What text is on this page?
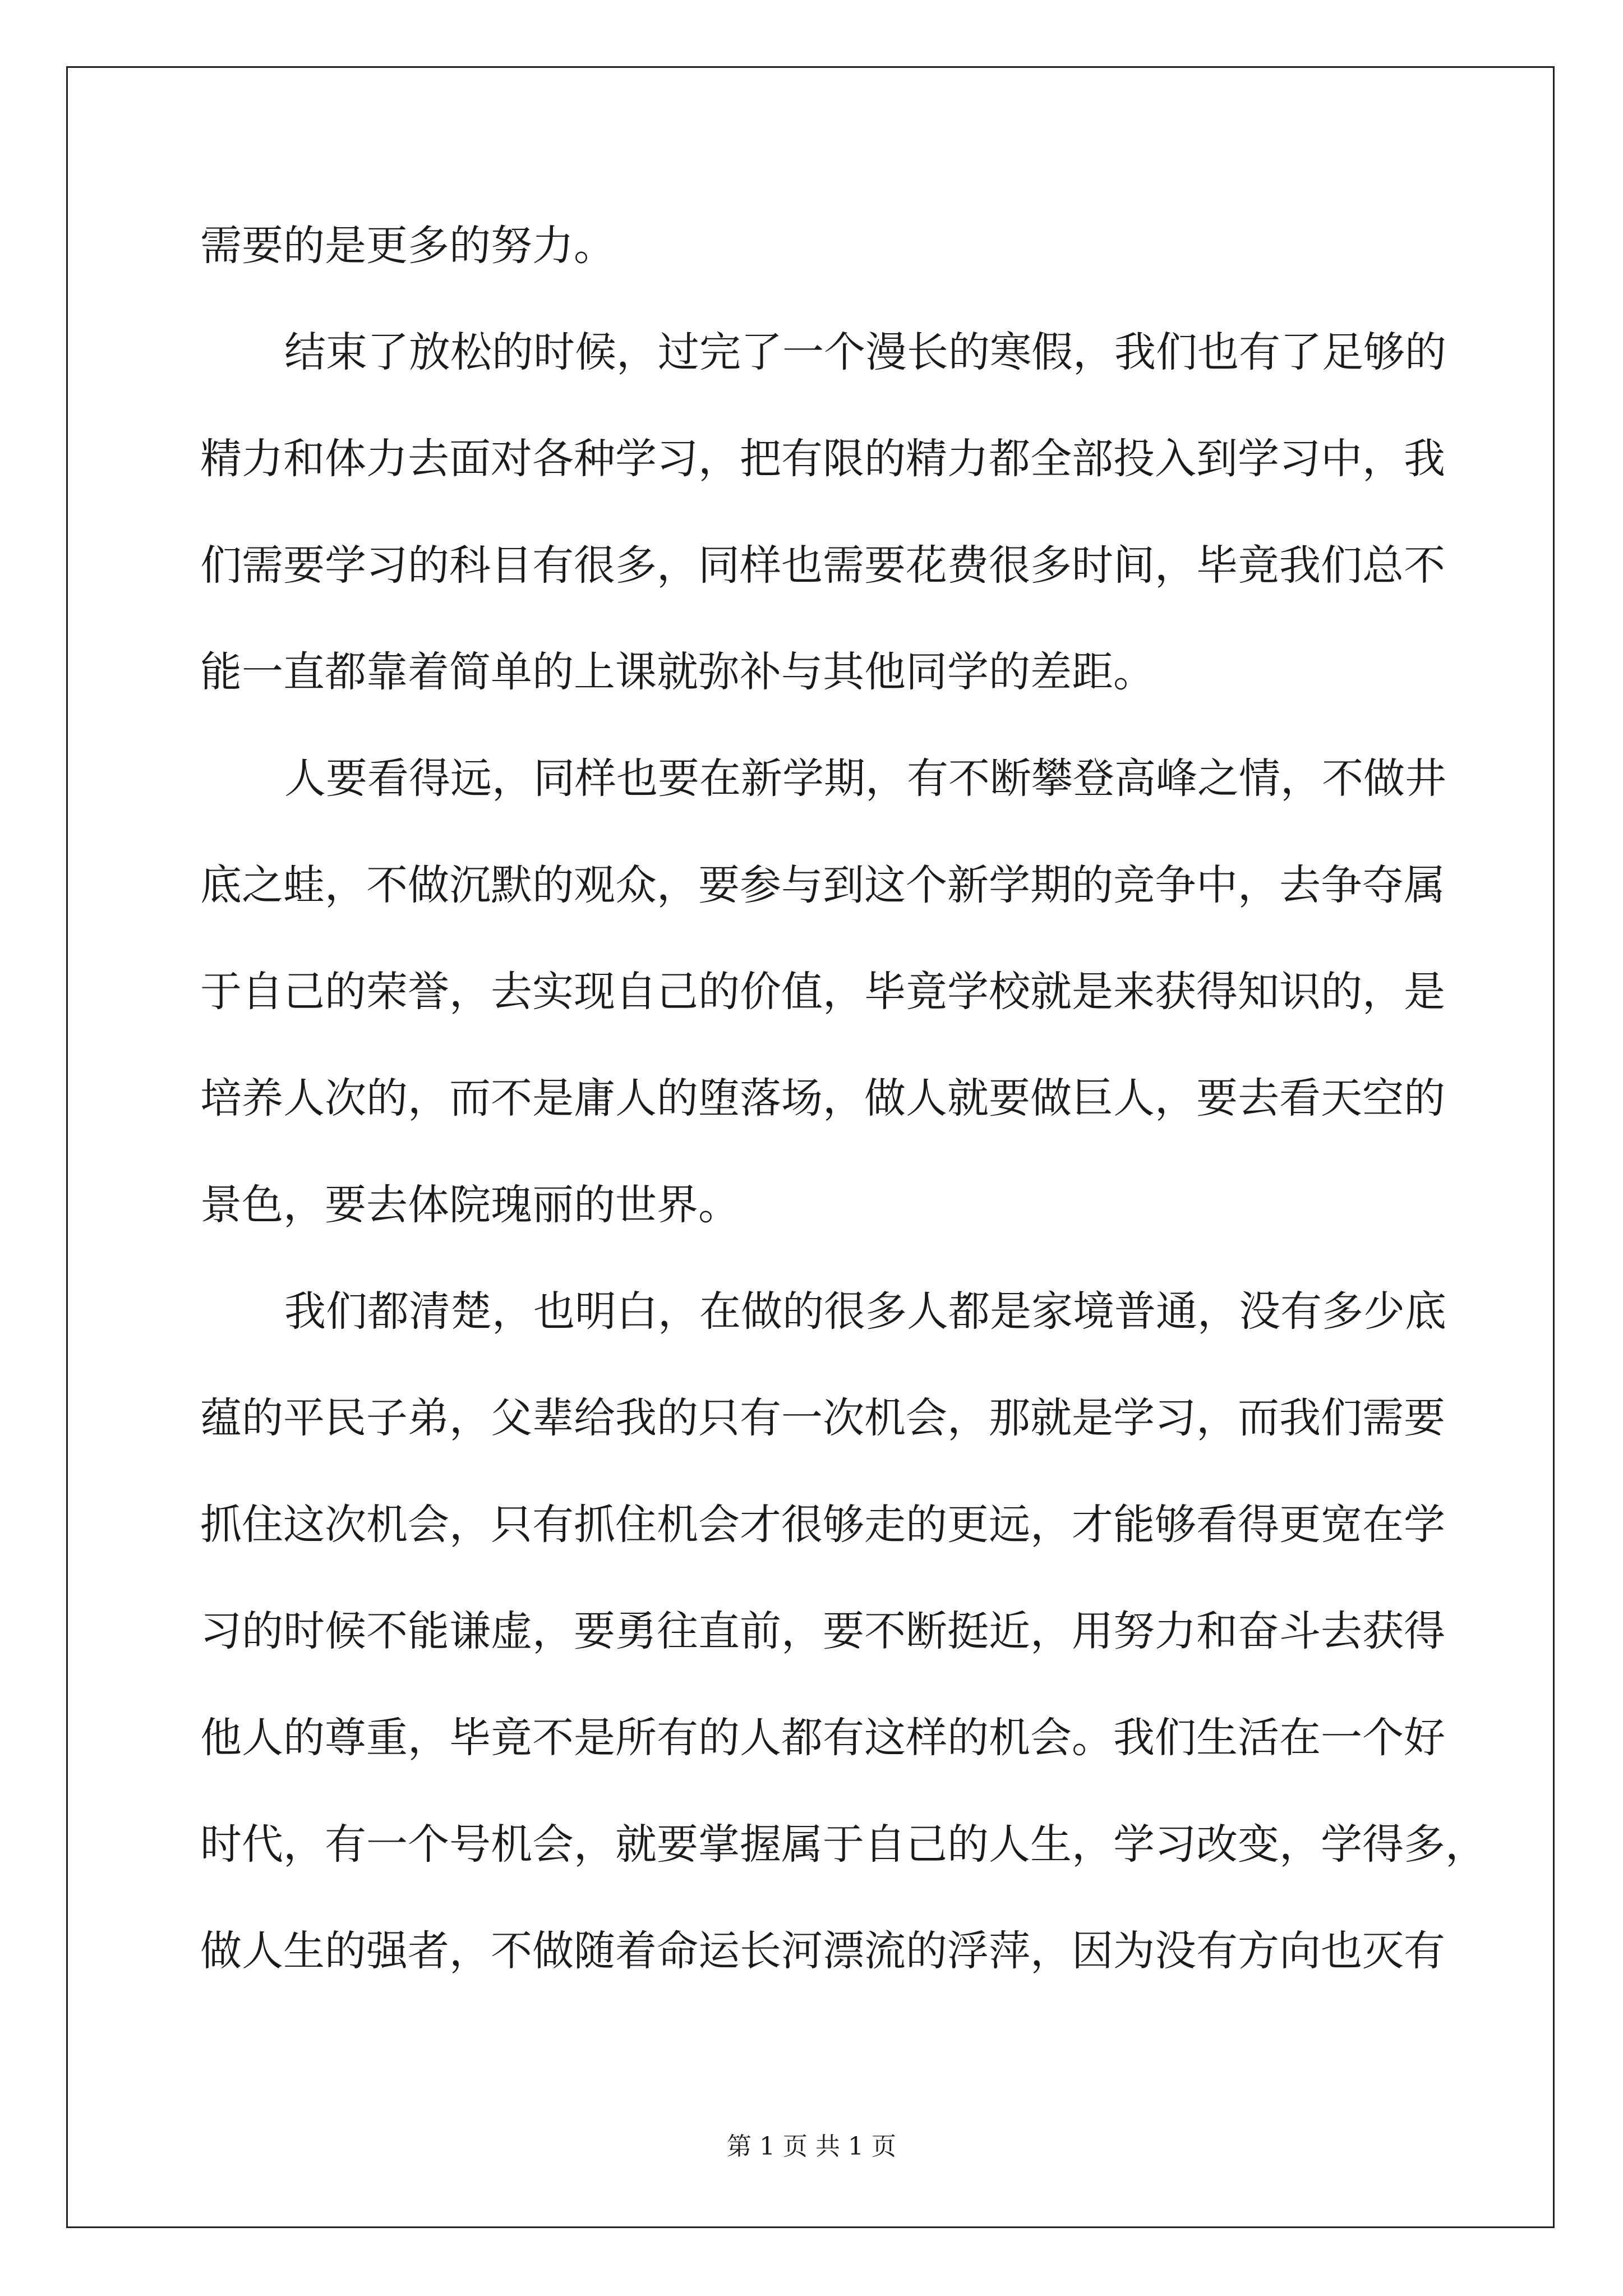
需要的是更多的努力。
结束了放松的时候，过完了一个漫长的寒假，我们也有了足够的
精力和体力去面对各种学习，把有限的精力都全部投入到学习中，我
们需要学习的科目有很多，同样也需要花费很多时间，毕竟我们总不
能一直都靠着简单的上课就弥补与其他同学的差距。
人要看得远，同样也要在新学期，有不断攀登高峰之情，不做井
底之蛙，不做沉默的观众，要参与到这个新学期的竞争中，去争夺属
于自己的荣誉，去实现自己的价值，毕竟学校就是来获得知识的，是
培养人次的，而不是庸人的堕落场，做人就要做巨人，要去看天空的
景色，要去体院瑰丽的世界。
我们都清楚，也明白，在做的很多人都是家境普通，没有多少底
蕴的平民子弟，父辈给我的只有一次机会，那就是学习，而我们需要
抓住这次机会，只有抓住机会才很够走的更远，才能够看得更宽在学
习的时候不能谦虚，要勇往直前，要不断挺近，用努力和奋斗去获得
他人的尊重，毕竟不是所有的人都有这样的机会。我们生活在一个好
时代，有一个号机会，就要掌握属于自己的人生，学习改变，学得多，
做人生的强者，不做随着命运长河漂流的浮萍，因为没有方向也灭有
第 1 页 共 1 页
